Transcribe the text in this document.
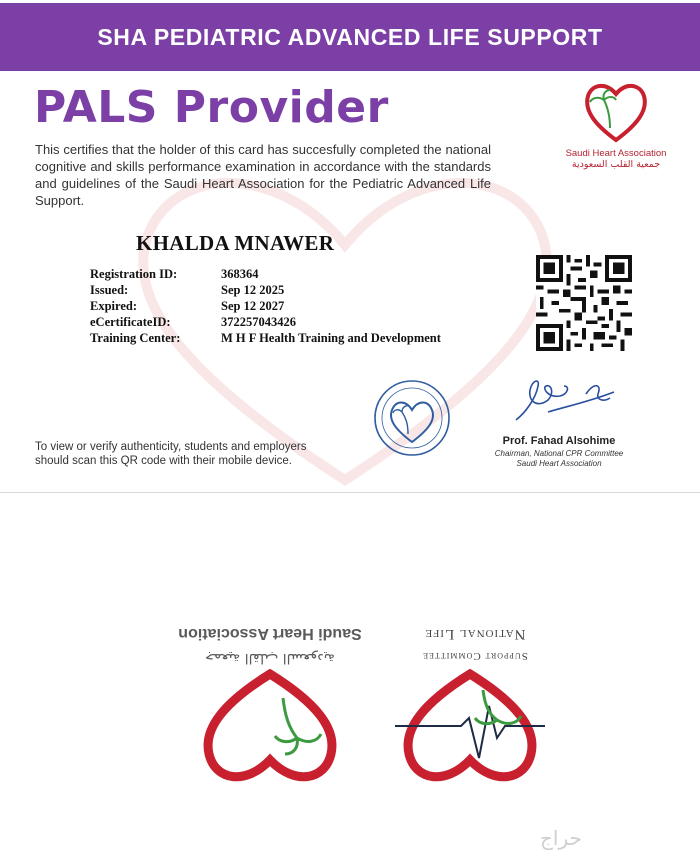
SHA PEDIATRIC ADVANCED LIFE SUPPORT
PALS Provider
This certifies that the holder of this card has succesfully completed the national cognitive and skills performance examination in accordance with the standards and guidelines of the Saudi Heart Association for the Pediatric Advanced Life Support.
Saudi Heart Association
جمعية القلب السعودية
KHALDA MNAWER
Registration ID:	368364
Issued:	Sep 12 2025
Expired:	Sep 12 2027
eCertificateID:	372257043426
Training Center:	M H F Health Training and Development
To view or verify authenticity, students and employers
should scan this QR code with their mobile device.
Prof. Fahad Alsohime
Chairman, National CPR Committee
Saudi Heart Association
Saudi Heart Association
جمعية القلب السعودية
National Life
Support Committee
حراج
